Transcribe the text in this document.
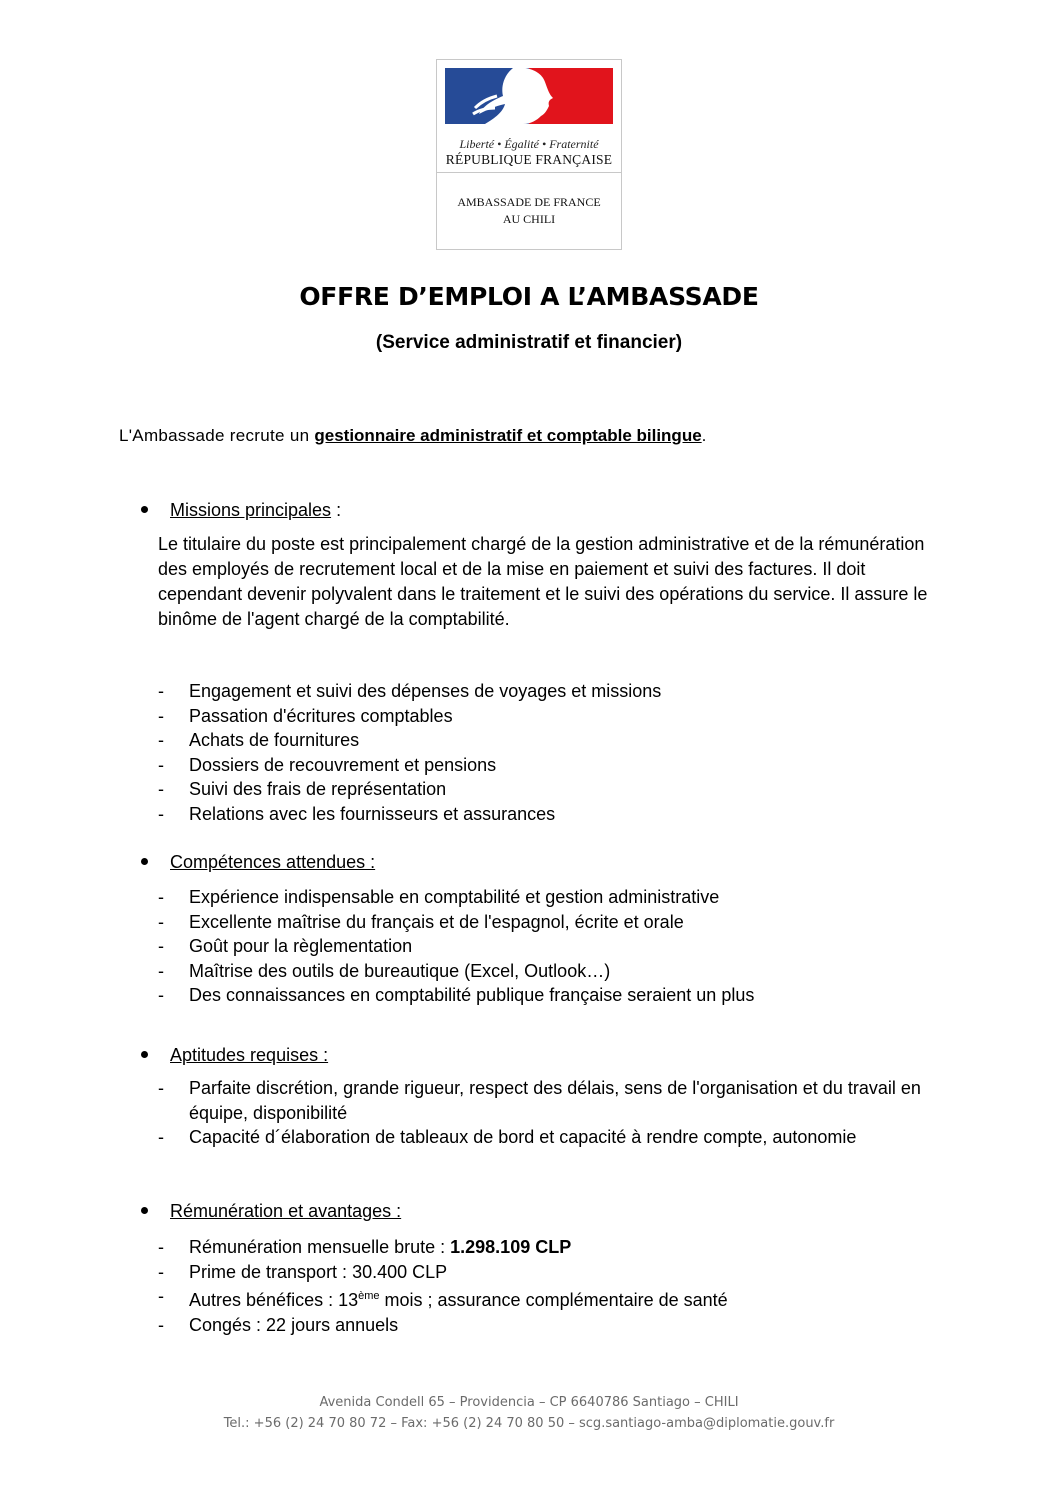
Liberté • Égalité • Fraternité
RÉPUBLIQUE FRANÇAISE
AMBASSADE DE FRANCE
AU CHILI
OFFRE D’EMPLOI A L’AMBASSADE
(Service administratif et financier)
L'Ambassade recrute un gestionnaire administratif et comptable bilingue.
Missions principales :
Le titulaire du poste est principalement chargé de la gestion administrative et de la rémunération des employés de recrutement local et de la mise en paiement et suivi des factures. Il doit cependant devenir polyvalent dans le traitement et le suivi des opérations du service. Il assure le binôme de l'agent chargé de la comptabilité.
- Engagement et suivi des dépenses de voyages et missions
- Passation d'écritures comptables
- Achats de fournitures
- Dossiers de recouvrement et pensions
- Suivi des frais de représentation
- Relations avec les fournisseurs et assurances
Compétences attendues :
- Expérience indispensable en comptabilité et gestion administrative
- Excellente maîtrise du français et de l'espagnol, écrite et orale
- Goût pour la règlementation
- Maîtrise des outils de bureautique (Excel, Outlook…)
- Des connaissances en comptabilité publique française seraient un plus
Aptitudes requises :
- Parfaite discrétion, grande rigueur, respect des délais, sens de l'organisation et du travail en équipe, disponibilité
- Capacité d´élaboration de tableaux de bord et capacité à rendre compte, autonomie
Rémunération et avantages :
- Rémunération mensuelle brute : 1.298.109 CLP
- Prime de transport : 30.400 CLP
- Autres bénéfices : 13ème mois ; assurance complémentaire de santé
- Congés : 22 jours annuels
Avenida Condell 65 – Providencia – CP 6640786 Santiago – CHILI
Tel.: +56 (2) 24 70 80 72 – Fax: +56 (2) 24 70 80 50 – scg.santiago-amba@diplomatie.gouv.fr
